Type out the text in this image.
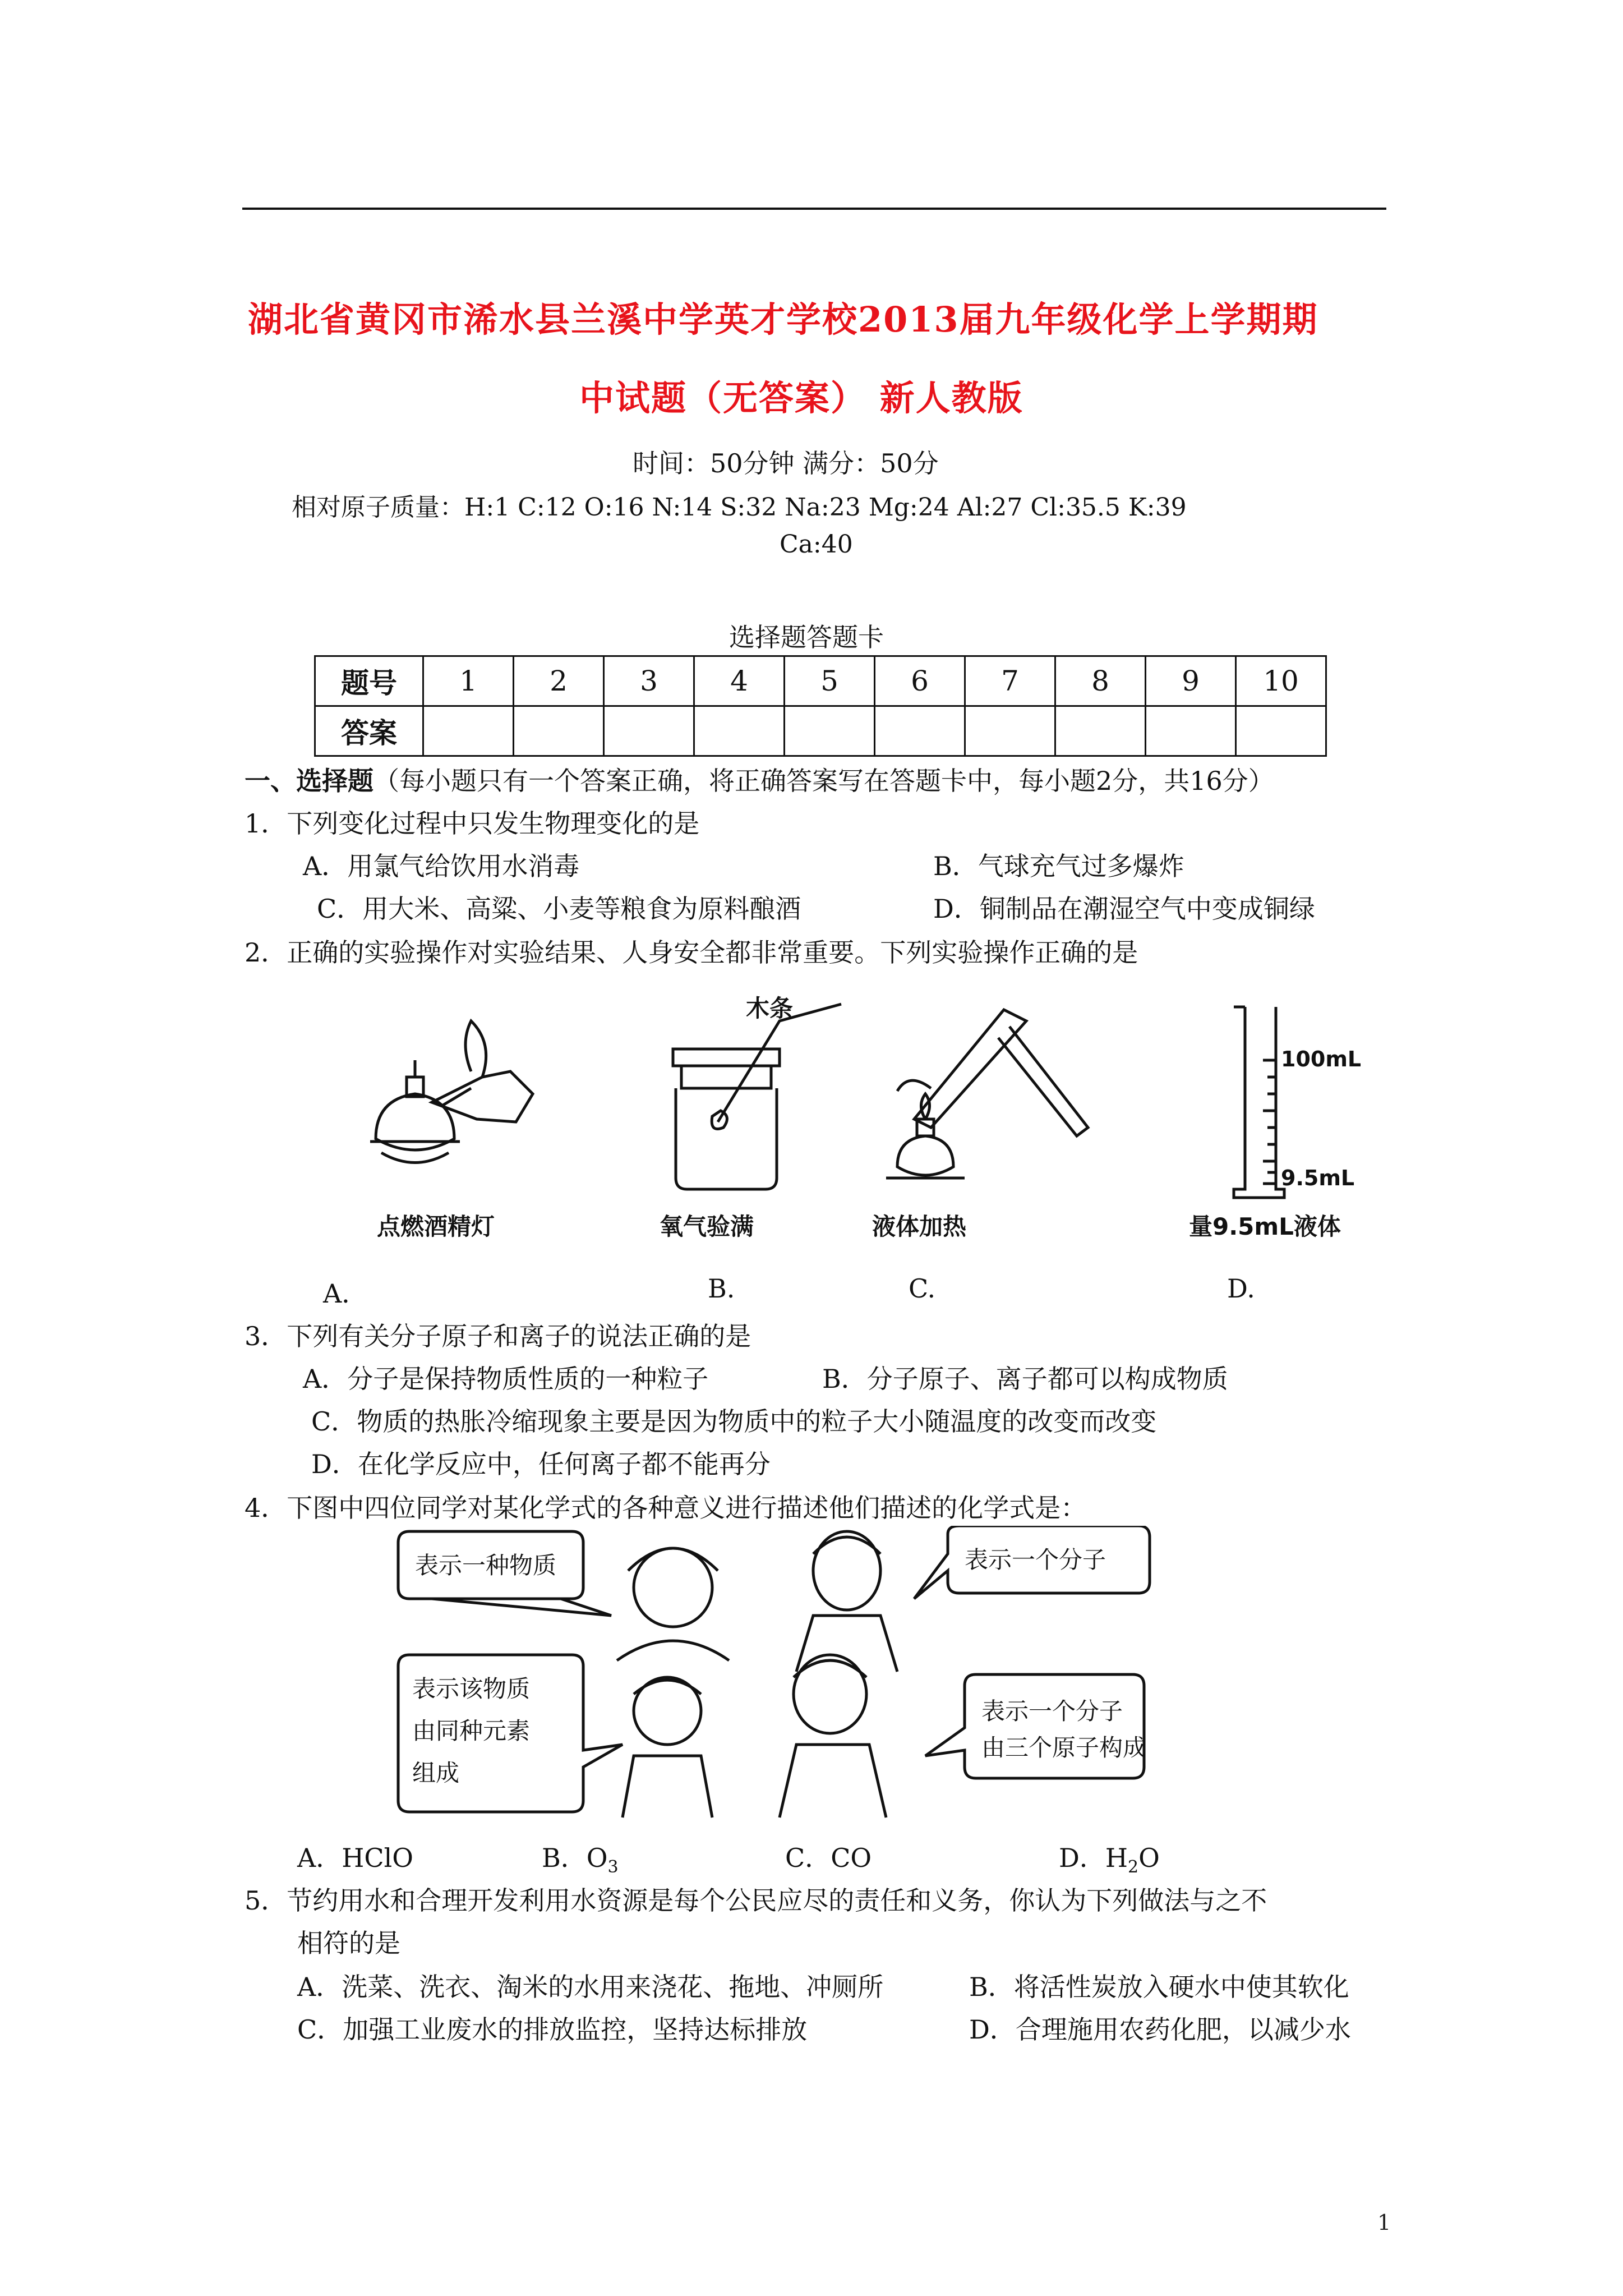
湖北省黄冈市浠水县兰溪中学英才学校2013届九年级化学上学期期
中试题（无答案） 新人教版
时间：50分钟 满分：50分
相对原子质量：H:1 C:12 O:16 N:14 S:32 Na:23 Mg:24 Al:27 Cl:35.5 K:39
Ca:40
选择题答题卡
题号	1	2	3	4	5	6	7	8	9	10
答案										
一、选择题（每小题只有一个答案正确，将正确答案写在答题卡中，每小题2分，共16分）
1．下列变化过程中只发生物理变化的是
A．用氯气给饮用水消毒	B．气球充气过多爆炸
C．用大米、高粱、小麦等粮食为原料酿酒	D．铜制品在潮湿空气中变成铜绿
2．正确的实验操作对实验结果、人身安全都非常重要。下列实验操作正确的是
点燃酒精灯
木条
氧气验满	液体加热
100mL
9.5mL
量9.5mL液体
A．	B.	C.	D.
3．下列有关分子原子和离子的说法正确的是
A．分子是保持物质性质的一种粒子	B．分子原子、离子都可以构成物质
C．物质的热胀冷缩现象主要是因为物质中的粒子大小随温度的改变而改变
D．在化学反应中，任何离子都不能再分
4．下图中四位同学对某化学式的各种意义进行描述他们描述的化学式是：
表示一种物质	表示一个分子
表示该物质
由同种元素
组成
表示一个分子
由三个原子构成
A．HClO	B．$O_3$	C．CO	D．$H_2O$
5．节约用水和合理开发利用水资源是每个公民应尽的责任和义务，你认为下列做法与之不
相符的是
A．洗菜、洗衣、淘米的水用来浇花、拖地、冲厕所	B．将活性炭放入硬水中使其软化
C．加强工业废水的排放监控，坚持达标排放	D．合理施用农药化肥，以减少水
1
